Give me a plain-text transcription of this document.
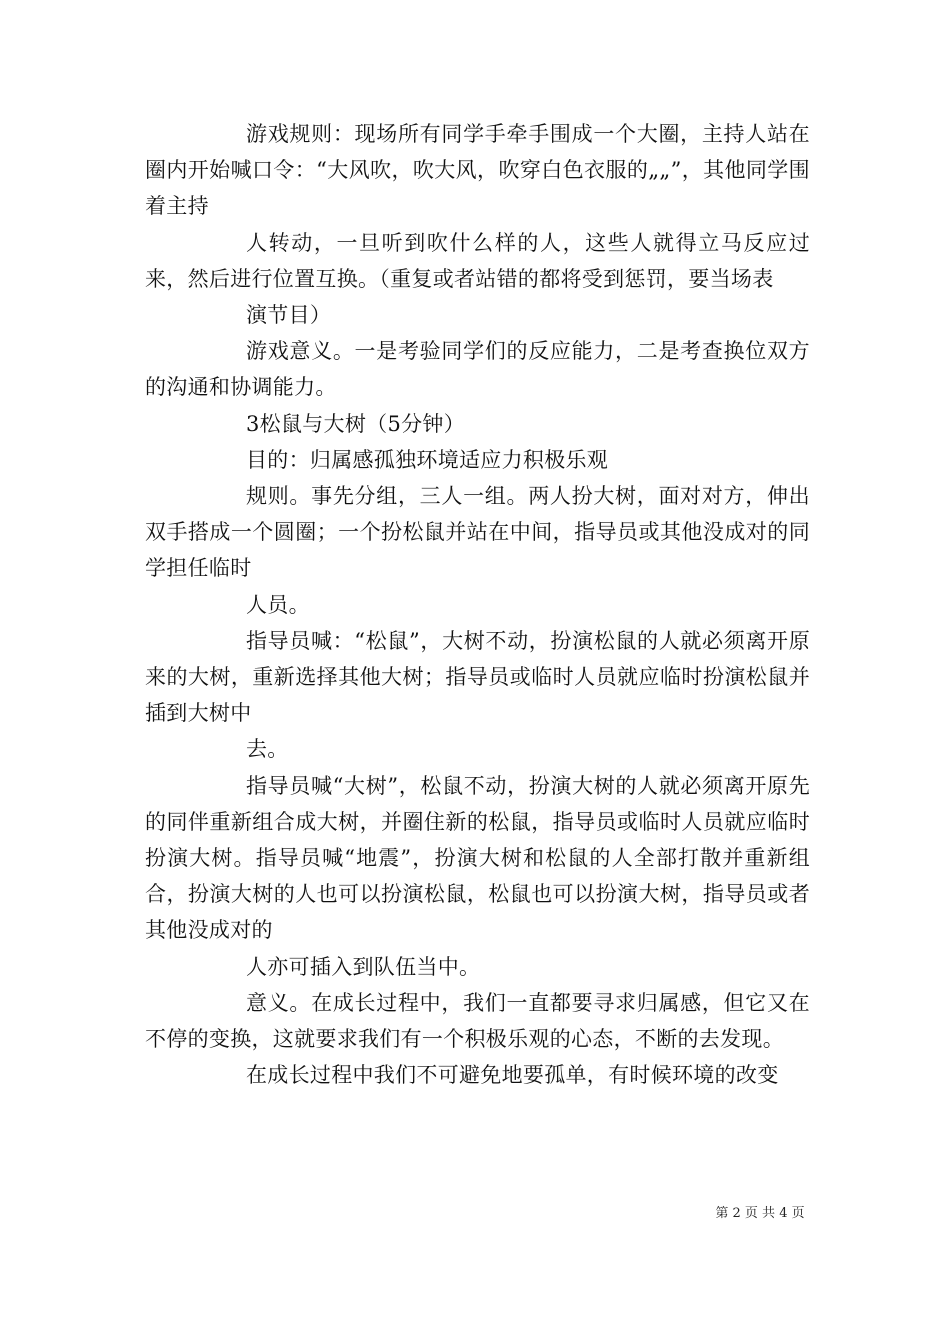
游戏规则：现场所有同学手牵手围成一个大圈，主持人站在圈内开始喊口令：“大风吹，吹大风，吹穿白色衣服的„„”，其他同学围着主持

人转动，一旦听到吹什么样的人，这些人就得立马反应过来，然后进行位置互换。（重复或者站错的都将受到惩罚，要当场表

演节目）

游戏意义。一是考验同学们的反应能力，二是考查换位双方的沟通和协调能力。

3松鼠与大树（5分钟）

目的：归属感孤独环境适应力积极乐观

规则。事先分组，三人一组。两人扮大树，面对对方，伸出双手搭成一个圆圈；一个扮松鼠并站在中间，指导员或其他没成对的同学担任临时

人员。

指导员喊：“松鼠”，大树不动，扮演松鼠的人就必须离开原来的大树，重新选择其他大树；指导员或临时人员就应临时扮演松鼠并插到大树中

去。

指导员喊“大树”，松鼠不动，扮演大树的人就必须离开原先的同伴重新组合成大树，并圈住新的松鼠，指导员或临时人员就应临时扮演大树。指导员喊“地震”，扮演大树和松鼠的人全部打散并重新组合，扮演大树的人也可以扮演松鼠，松鼠也可以扮演大树，指导员或者其他没成对的

人亦可插入到队伍当中。

意义。在成长过程中，我们一直都要寻求归属感，但它又在不停的变换，这就要求我们有一个积极乐观的心态，不断的去发现。

在成长过程中我们不可避免地要孤单，有时候环境的改变

第 2 页 共 4 页
